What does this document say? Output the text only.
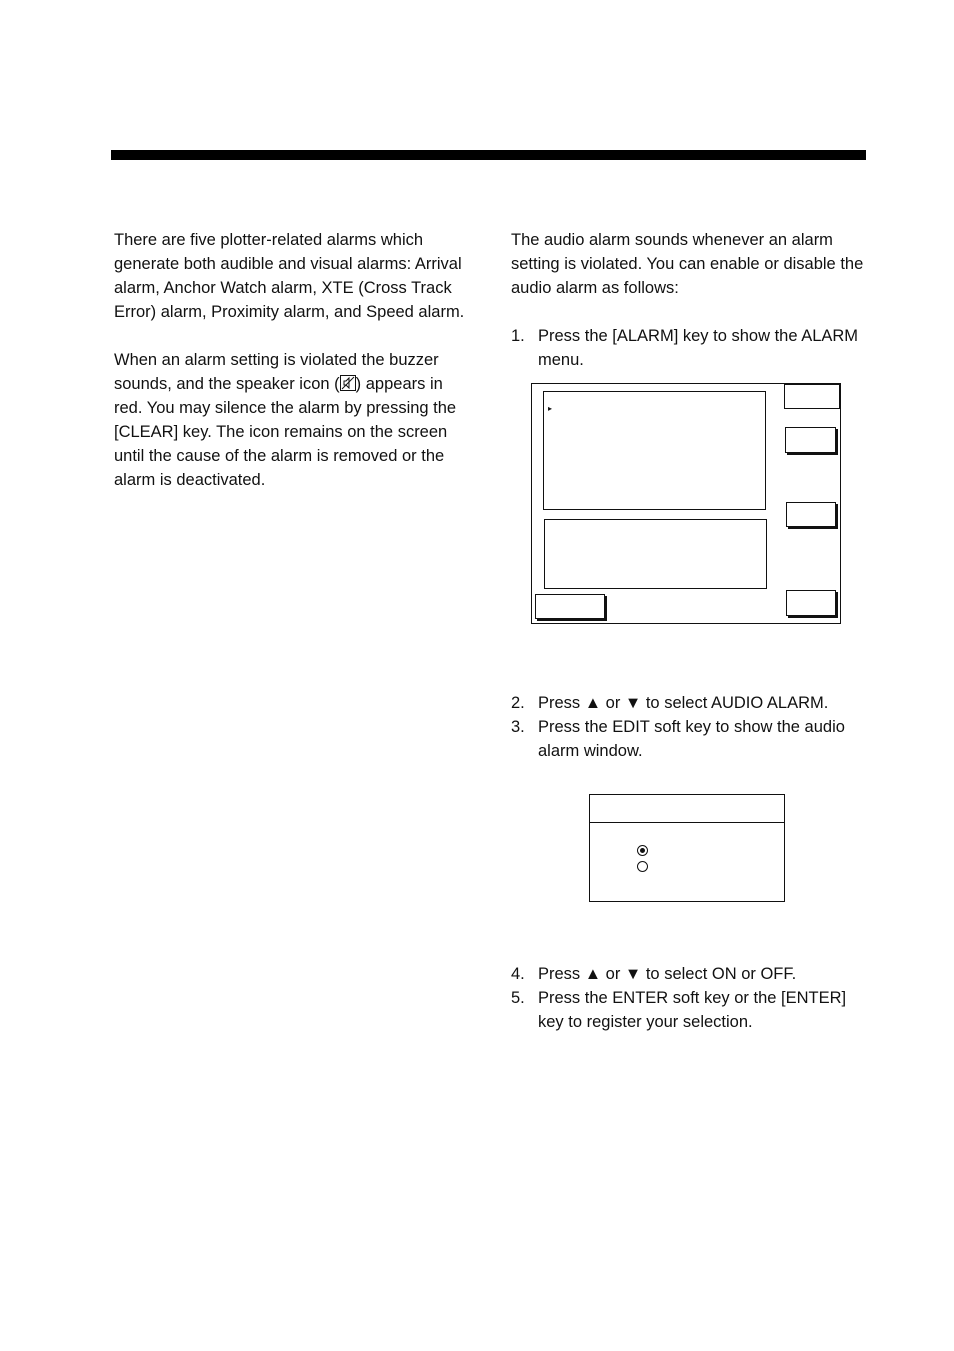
There are five plotter-related alarms which generate both audible and visual alarms: Arrival alarm, Anchor Watch alarm, XTE (Cross Track Error) alarm, Proximity alarm, and Speed alarm.

When an alarm setting is violated the buzzer sounds, and the speaker icon ( ) appears in red. You may silence the alarm by pressing the [CLEAR] key. The icon remains on the screen until the cause of the alarm is removed or the alarm is deactivated.

The audio alarm sounds whenever an alarm setting is violated. You can enable or disable the audio alarm as follows:

1. Press the [ALARM] key to show the ALARM menu.
▸
2. Press ▲ or ▼ to select AUDIO ALARM.
3. Press the EDIT soft key to show the audio alarm window.
4. Press ▲ or ▼ to select ON or OFF.
5. Press the ENTER soft key or the [ENTER] key to register your selection.
